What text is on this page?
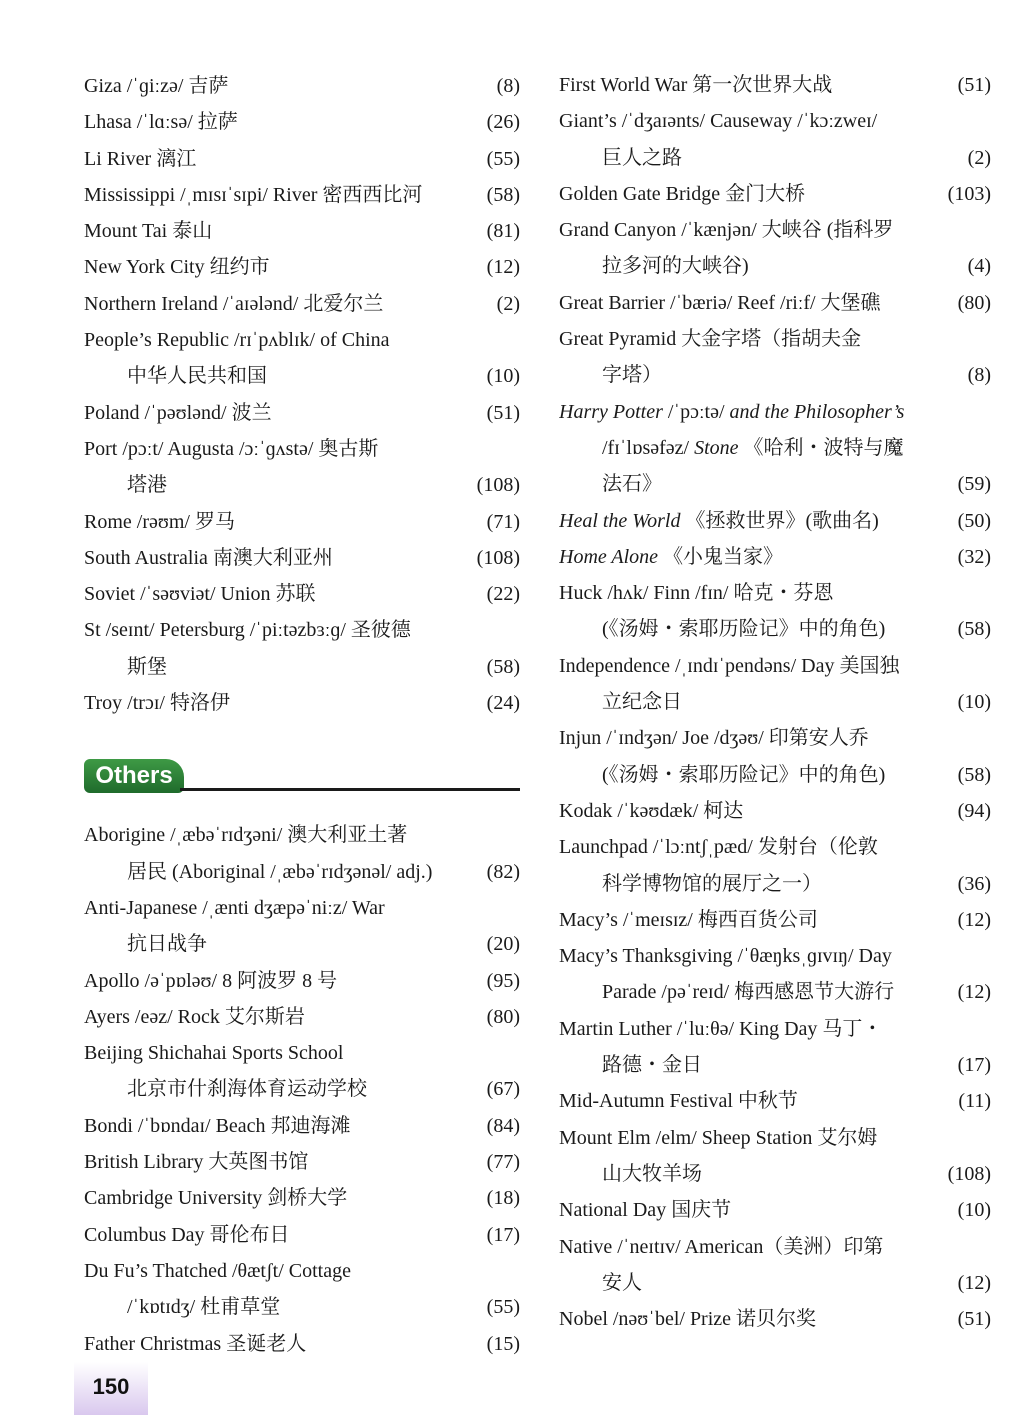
Giza /ˈɡiːzə/ 吉萨	(8)
Lhasa /ˈlɑːsə/ 拉萨	(26)
Li River 漓江	(55)
Mississippi /ˌmɪsɪˈsɪpi/ River 密西西比河	(58)
Mount Tai 泰山	(81)
New York City 纽约市	(12)
Northern Ireland /ˈaɪələnd/ 北爱尔兰	(2)
People’s Republic /rɪˈpʌblɪk/ of China
中华人民共和国	(10)
Poland /ˈpəʊlənd/ 波兰	(51)
Port /pɔːt/ Augusta /ɔːˈɡʌstə/ 奥古斯
塔港	(108)
Rome /rəʊm/ 罗马	(71)
South Australia 南澳大利亚州	(108)
Soviet /ˈsəʊviət/ Union 苏联	(22)
St /seɪnt/ Petersburg /ˈpiːtəzbɜːɡ/ 圣彼德
斯堡	(58)
Troy /trɔɪ/ 特洛伊	(24)
Others
Aborigine /ˌæbəˈrɪdʒəni/ 澳大利亚土著
居民 (Aboriginal /ˌæbəˈrɪdʒənəl/ adj.)	(82)
Anti-Japanese /ˌænti dʒæpəˈniːz/ War
抗日战争	(20)
Apollo /əˈpɒləʊ/ 8 阿波罗 8 号	(95)
Ayers /eəz/ Rock 艾尔斯岩	(80)
Beijing Shichahai Sports School
北京市什刹海体育运动学校	(67)
Bondi /ˈbɒndaɪ/ Beach 邦迪海滩	(84)
British Library 大英图书馆	(77)
Cambridge University 剑桥大学	(18)
Columbus Day 哥伦布日	(17)
Du Fu’s Thatched /θætʃt/ Cottage
/ˈkɒtɪdʒ/ 杜甫草堂	(55)
Father Christmas 圣诞老人	(15)
First World War 第一次世界大战	(51)
Giant’s /ˈdʒaɪənts/ Causeway /ˈkɔːzweɪ/
巨人之路	(2)
Golden Gate Bridge 金门大桥	(103)
Grand Canyon /ˈkænjən/ 大峡谷 (指科罗
拉多河的大峡谷)	(4)
Great Barrier /ˈbæriə/ Reef /riːf/ 大堡礁	(80)
Great Pyramid 大金字塔（指胡夫金
字塔）	(8)
Harry Potter /ˈpɔːtə/ and the Philosopher’s
/fɪˈlɒsəfəz/ Stone 《哈利・波特与魔
法石》	(59)
Heal the World 《拯救世界》(歌曲名)	(50)
Home Alone 《小鬼当家》	(32)
Huck /hʌk/ Finn /fɪn/ 哈克・芬恩
(《汤姆・索耶历险记》中的角色)	(58)
Independence /ˌɪndɪˈpendəns/ Day 美国独
立纪念日	(10)
Injun /ˈɪndʒən/ Joe /dʒəʊ/ 印第安人乔
(《汤姆・索耶历险记》中的角色)	(58)
Kodak /ˈkəʊdæk/ 柯达	(94)
Launchpad /ˈlɔːntʃˌpæd/ 发射台（伦敦
科学博物馆的展厅之一）	(36)
Macy’s /ˈmeɪsɪz/ 梅西百货公司	(12)
Macy’s Thanksgiving /ˈθæŋksˌɡɪvɪŋ/ Day
Parade /pəˈreɪd/ 梅西感恩节大游行	(12)
Martin Luther /ˈluːθə/ King Day 马丁・
路德・金日	(17)
Mid-Autumn Festival 中秋节	(11)
Mount Elm /elm/ Sheep Station 艾尔姆
山大牧羊场	(108)
National Day 国庆节	(10)
Native /ˈneɪtɪv/ American（美洲）印第
安人	(12)
Nobel /nəʊˈbel/ Prize 诺贝尔奖	(51)
150
